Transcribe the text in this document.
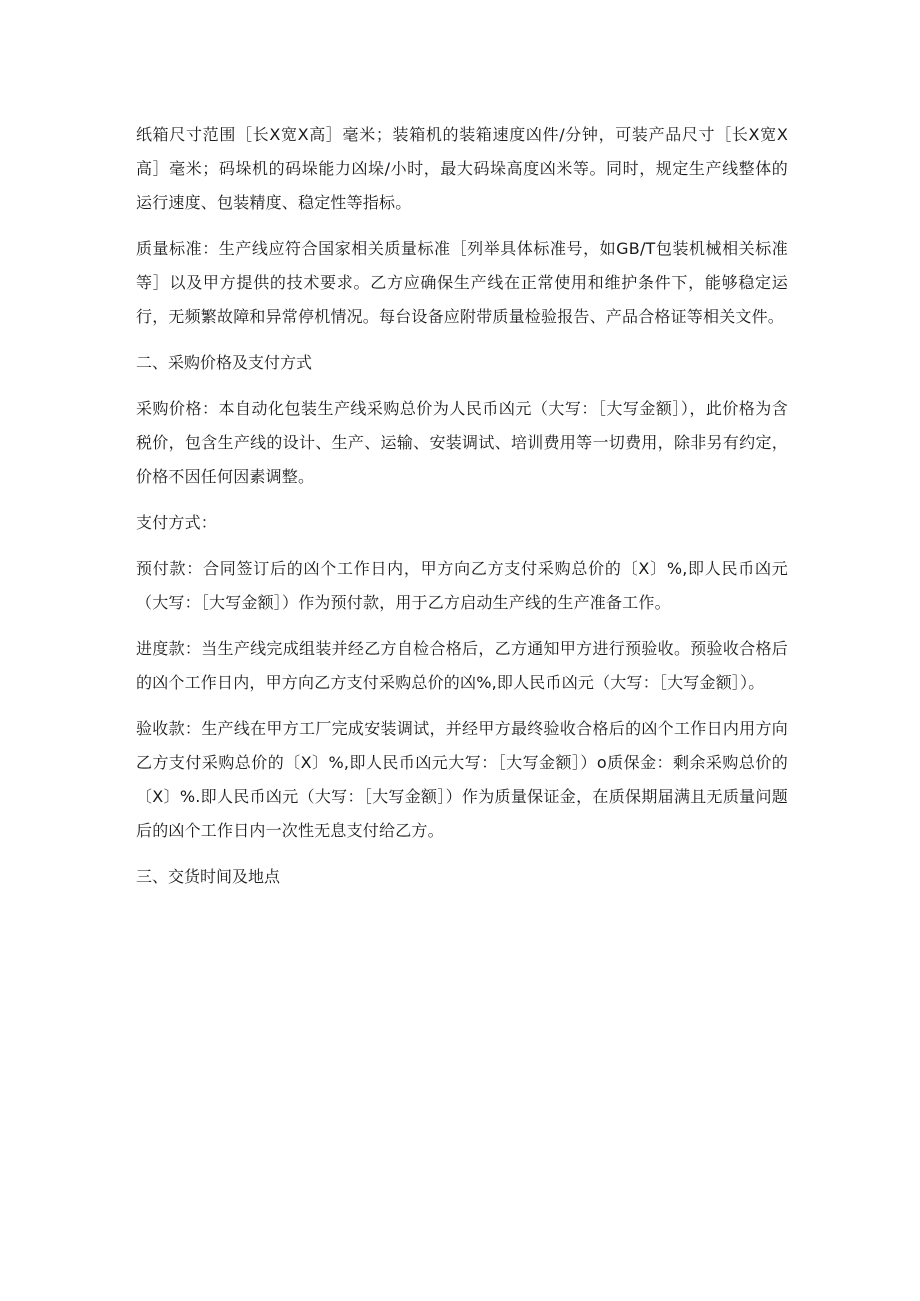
纸箱尺寸范围［长X宽X高］毫米；装箱机的装箱速度凶件/分钟，可装产品尺寸［长X宽X高］毫米；码垛机的码垛能力凶垛/小时，最大码垛高度凶米等。同时，规定生产线整体的运行速度、包装精度、稳定性等指标。

质量标准：生产线应符合国家相关质量标准［列举具体标准号，如GB/T包装机械相关标准等］以及甲方提供的技术要求。乙方应确保生产线在正常使用和维护条件下，能够稳定运行，无频繁故障和异常停机情况。每台设备应附带质量检验报告、产品合格证等相关文件。

二、采购价格及支付方式

采购价格：本自动化包装生产线采购总价为人民币凶元（大写：［大写金额］），此价格为含税价，包含生产线的设计、生产、运输、安装调试、培训费用等一切费用，除非另有约定，价格不因任何因素调整。

支付方式：

预付款：合同签订后的凶个工作日内，甲方向乙方支付采购总价的〔X〕%,即人民币凶元（大写：［大写金额］）作为预付款，用于乙方启动生产线的生产准备工作。

进度款：当生产线完成组装并经乙方自检合格后，乙方通知甲方进行预验收。预验收合格后的凶个工作日内，甲方向乙方支付采购总价的凶%,即人民币凶元（大写：［大写金额］）。

验收款：生产线在甲方工厂完成安装调试，并经甲方最终验收合格后的凶个工作日内用方向乙方支付采购总价的〔X〕%,即人民币凶元大写：［大写金额］）o质保金：剩余采购总价的〔X〕%.即人民币凶元（大写：［大写金额］）作为质量保证金，在质保期届满且无质量问题后的凶个工作日内一次性无息支付给乙方。

三、交货时间及地点
